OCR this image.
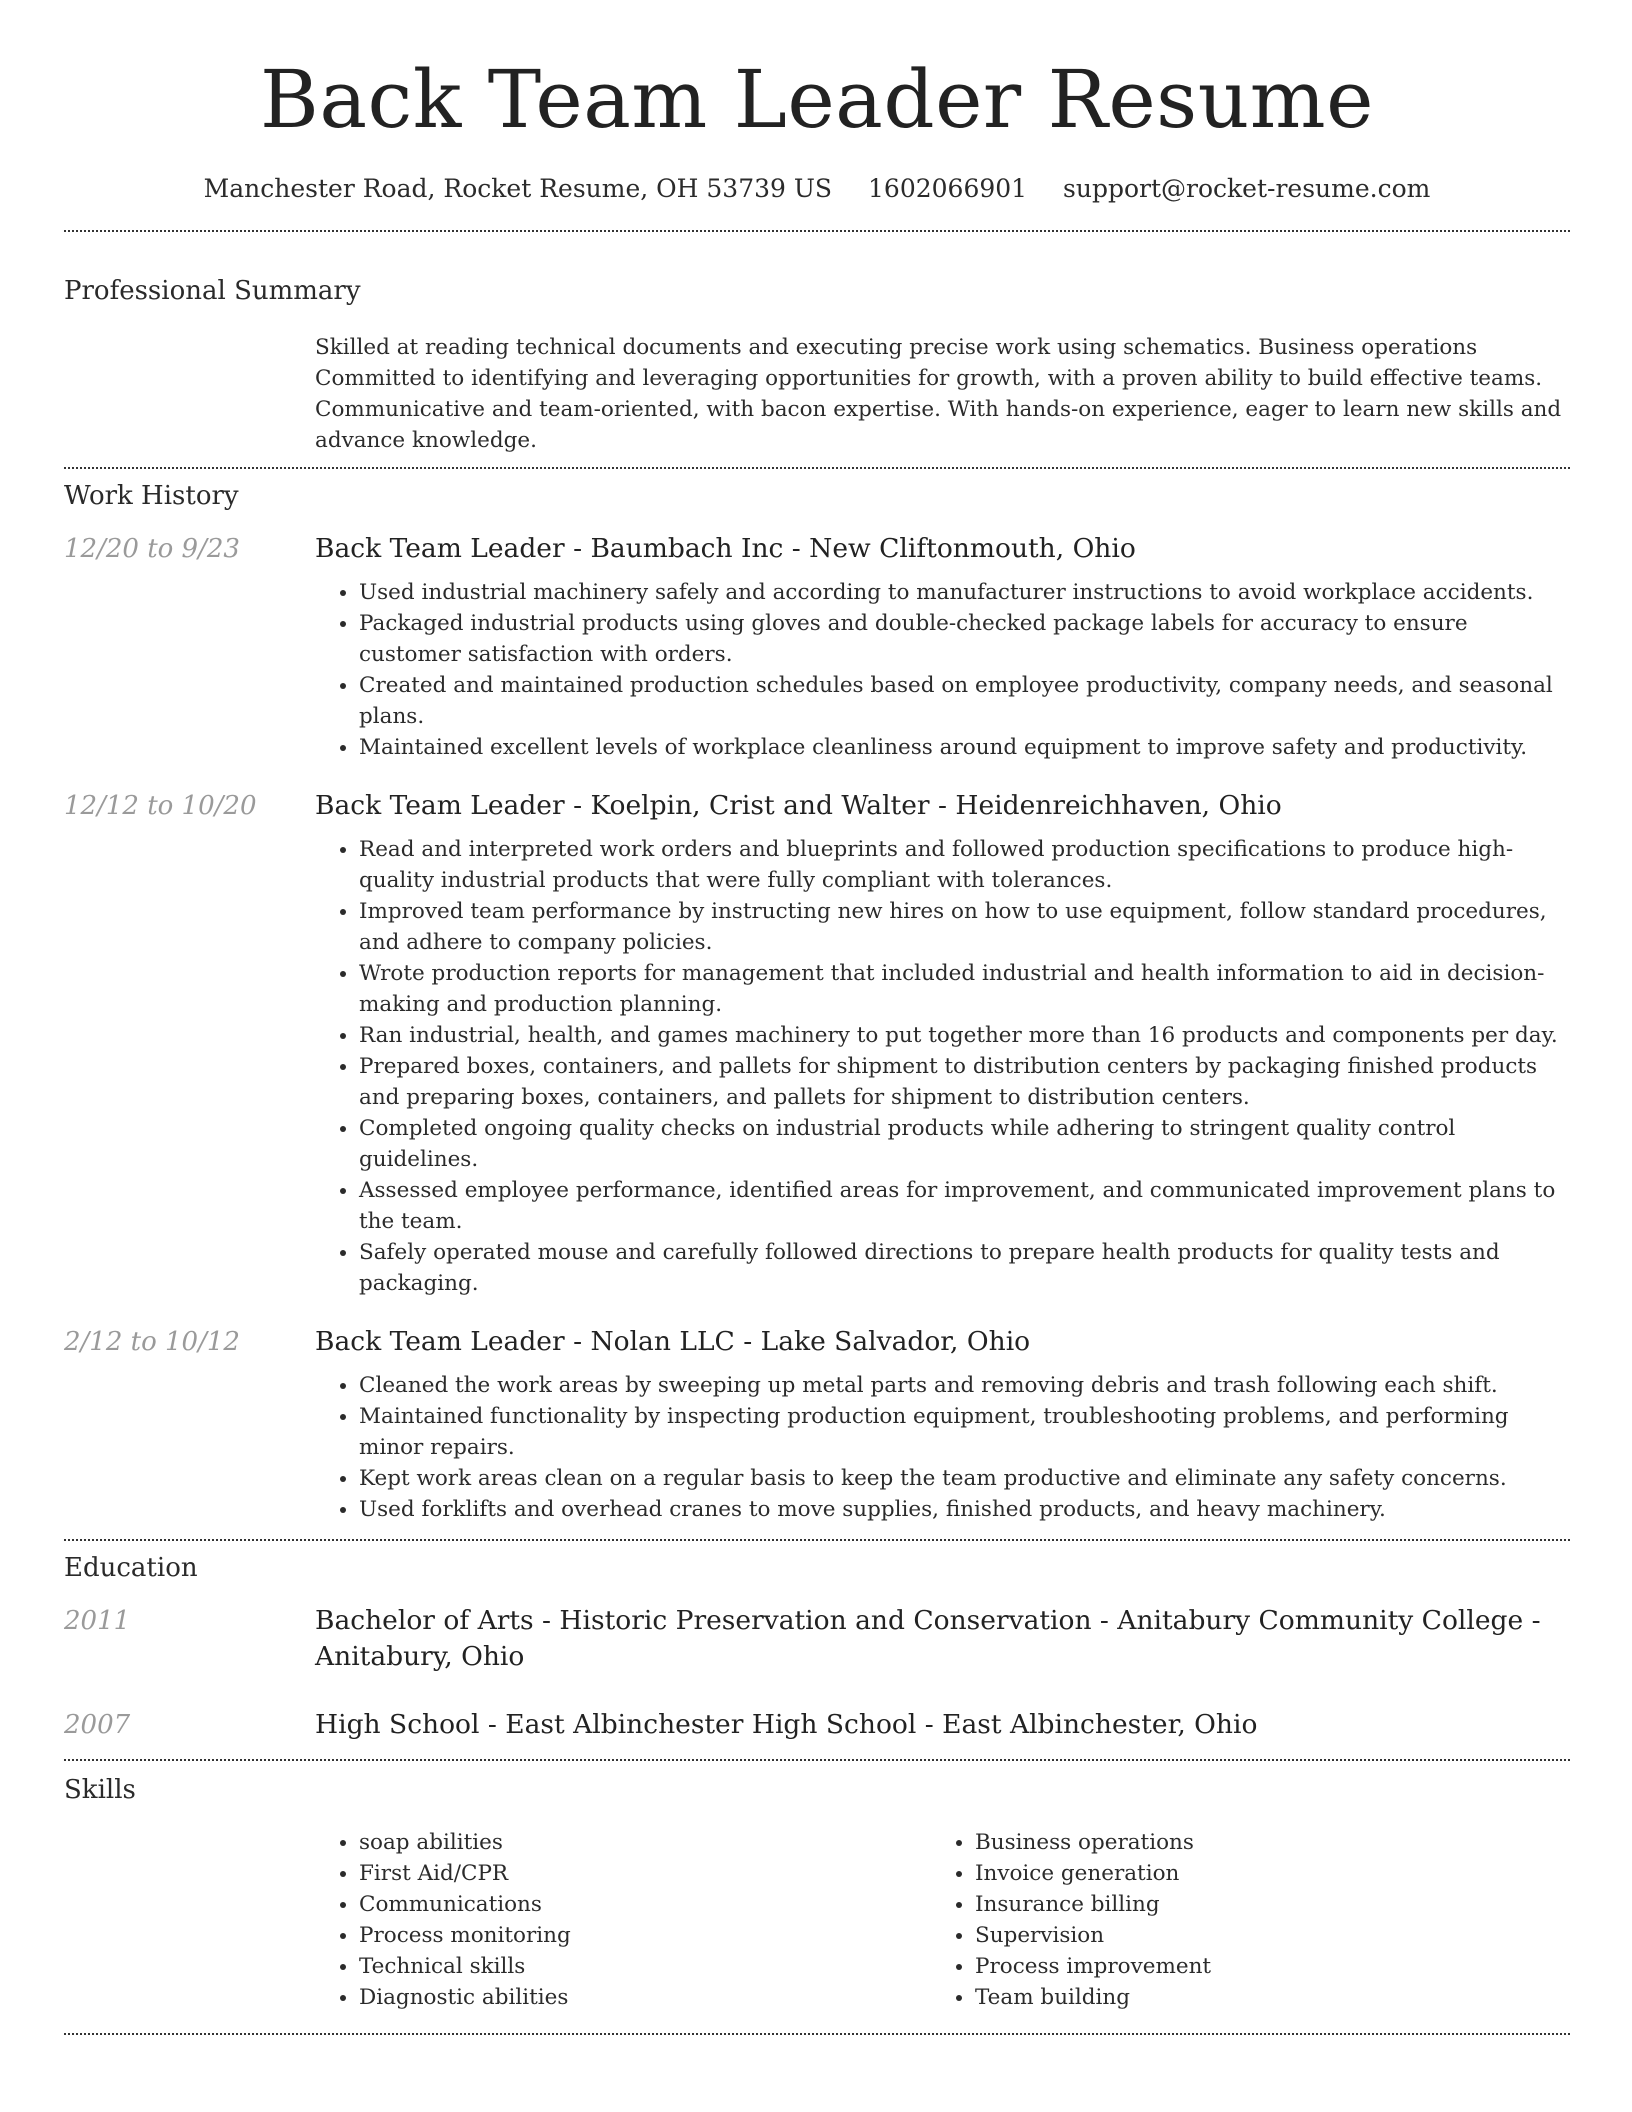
Back Team Leader Resume
Manchester Road, Rocket Resume, OH 53739 US 1602066901 support@rocket-resume.com
Professional Summary
Skilled at reading technical documents and executing precise work using schematics. Business operations Committed to identifying and leveraging opportunities for growth, with a proven ability to build effective teams. Communicative and team-oriented, with bacon expertise. With hands-on experience, eager to learn new skills and advance knowledge.
Work History
12/20 to 9/23	Back Team Leader - Baumbach Inc - New Cliftonmouth, Ohio
• Used industrial machinery safely and according to manufacturer instructions to avoid workplace accidents.
• Packaged industrial products using gloves and double-checked package labels for accuracy to ensure customer satisfaction with orders.
• Created and maintained production schedules based on employee productivity, company needs, and seasonal plans.
• Maintained excellent levels of workplace cleanliness around equipment to improve safety and productivity.
12/12 to 10/20	Back Team Leader - Koelpin, Crist and Walter - Heidenreichhaven, Ohio
• Read and interpreted work orders and blueprints and followed production specifications to produce high-quality industrial products that were fully compliant with tolerances.
• Improved team performance by instructing new hires on how to use equipment, follow standard procedures, and adhere to company policies.
• Wrote production reports for management that included industrial and health information to aid in decision-making and production planning.
• Ran industrial, health, and games machinery to put together more than 16 products and components per day.
• Prepared boxes, containers, and pallets for shipment to distribution centers by packaging finished products and preparing boxes, containers, and pallets for shipment to distribution centers.
• Completed ongoing quality checks on industrial products while adhering to stringent quality control guidelines.
• Assessed employee performance, identified areas for improvement, and communicated improvement plans to the team.
• Safely operated mouse and carefully followed directions to prepare health products for quality tests and packaging.
2/12 to 10/12	Back Team Leader - Nolan LLC - Lake Salvador, Ohio
• Cleaned the work areas by sweeping up metal parts and removing debris and trash following each shift.
• Maintained functionality by inspecting production equipment, troubleshooting problems, and performing minor repairs.
• Kept work areas clean on a regular basis to keep the team productive and eliminate any safety concerns.
• Used forklifts and overhead cranes to move supplies, finished products, and heavy machinery.
Education
2011	Bachelor of Arts - Historic Preservation and Conservation - Anitabury Community College - Anitabury, Ohio
2007	High School - East Albinchester High School - East Albinchester, Ohio
Skills
• soap abilities
• First Aid/CPR
• Communications
• Process monitoring
• Technical skills
• Diagnostic abilities
• Business operations
• Invoice generation
• Insurance billing
• Supervision
• Process improvement
• Team building
